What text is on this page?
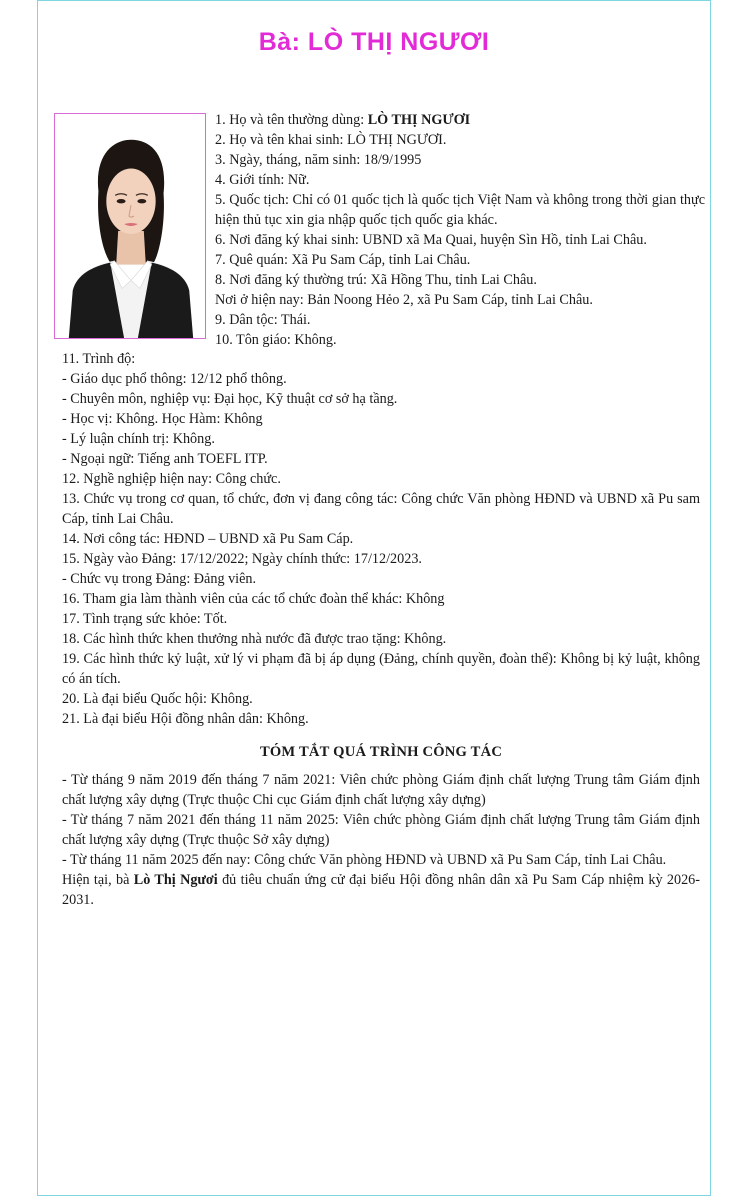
Bà: LÒ THỊ NGƯƠI

1. Họ và tên thường dùng: LÒ THỊ NGƯƠI

2. Họ và tên khai sinh: LÒ THỊ NGƯƠI.

3. Ngày, tháng, năm sinh: 18/9/1995

4. Giới tính: Nữ.

5. Quốc tịch: Chỉ có 01 quốc tịch là quốc tịch Việt Nam và không trong thời gian thực hiện thủ tục xin gia nhập quốc tịch quốc gia khác.

6. Nơi đăng ký khai sinh: UBND xã Ma Quai, huyện Sìn Hồ, tỉnh Lai Châu.

7. Quê quán: Xã Pu Sam Cáp, tỉnh Lai Châu.

8. Nơi đăng ký thường trú: Xã Hồng Thu, tỉnh Lai Châu.

Nơi ở hiện nay: Bản Noong Hẻo 2, xã Pu Sam Cáp, tỉnh Lai Châu.

9. Dân tộc: Thái.

10. Tôn giáo: Không.

11. Trình độ:

- Giáo dục phổ thông: 12/12 phổ thông.

- Chuyên môn, nghiệp vụ: Đại học, Kỹ thuật cơ sở hạ tầng.

- Học vị: Không. Học Hàm: Không

- Lý luận chính trị: Không.

- Ngoại ngữ: Tiếng anh TOEFL ITP.

12. Nghề nghiệp hiện nay: Công chức.

13. Chức vụ trong cơ quan, tổ chức, đơn vị đang công tác: Công chức Văn phòng HĐND và UBND xã Pu sam Cáp, tỉnh Lai Châu.

14. Nơi công tác: HĐND – UBND xã Pu Sam Cáp.

15. Ngày vào Đảng: 17/12/2022; Ngày chính thức: 17/12/2023.

- Chức vụ trong Đảng: Đảng viên.

16. Tham gia làm thành viên của các tổ chức đoàn thể khác: Không

17. Tình trạng sức khỏe: Tốt.

18. Các hình thức khen thưởng nhà nước đã được trao tặng: Không.

19. Các hình thức kỷ luật, xử lý vi phạm đã bị áp dụng (Đảng, chính quyền, đoàn thể): Không bị kỷ luật, không có án tích.

20. Là đại biểu Quốc hội: Không.

21. Là đại biểu Hội đồng nhân dân: Không.

TÓM TẮT QUÁ TRÌNH CÔNG TÁC

- Từ tháng 9 năm 2019 đến tháng 7 năm 2021: Viên chức phòng Giám định chất lượng Trung tâm Giám định chất lượng xây dựng (Trực thuộc Chi cục Giám định chất lượng xây dựng)

- Từ tháng 7 năm 2021 đến tháng 11 năm 2025: Viên chức phòng Giám định chất lượng Trung tâm Giám định chất lượng xây dựng (Trực thuộc Sở xây dựng)

- Từ tháng 11 năm 2025 đến nay: Công chức Văn phòng HĐND và UBND xã Pu Sam Cáp, tỉnh Lai Châu.

Hiện tại, bà Lò Thị Ngươi đủ tiêu chuẩn ứng cử đại biểu Hội đồng nhân dân xã Pu Sam Cáp nhiệm kỳ 2026-2031.
